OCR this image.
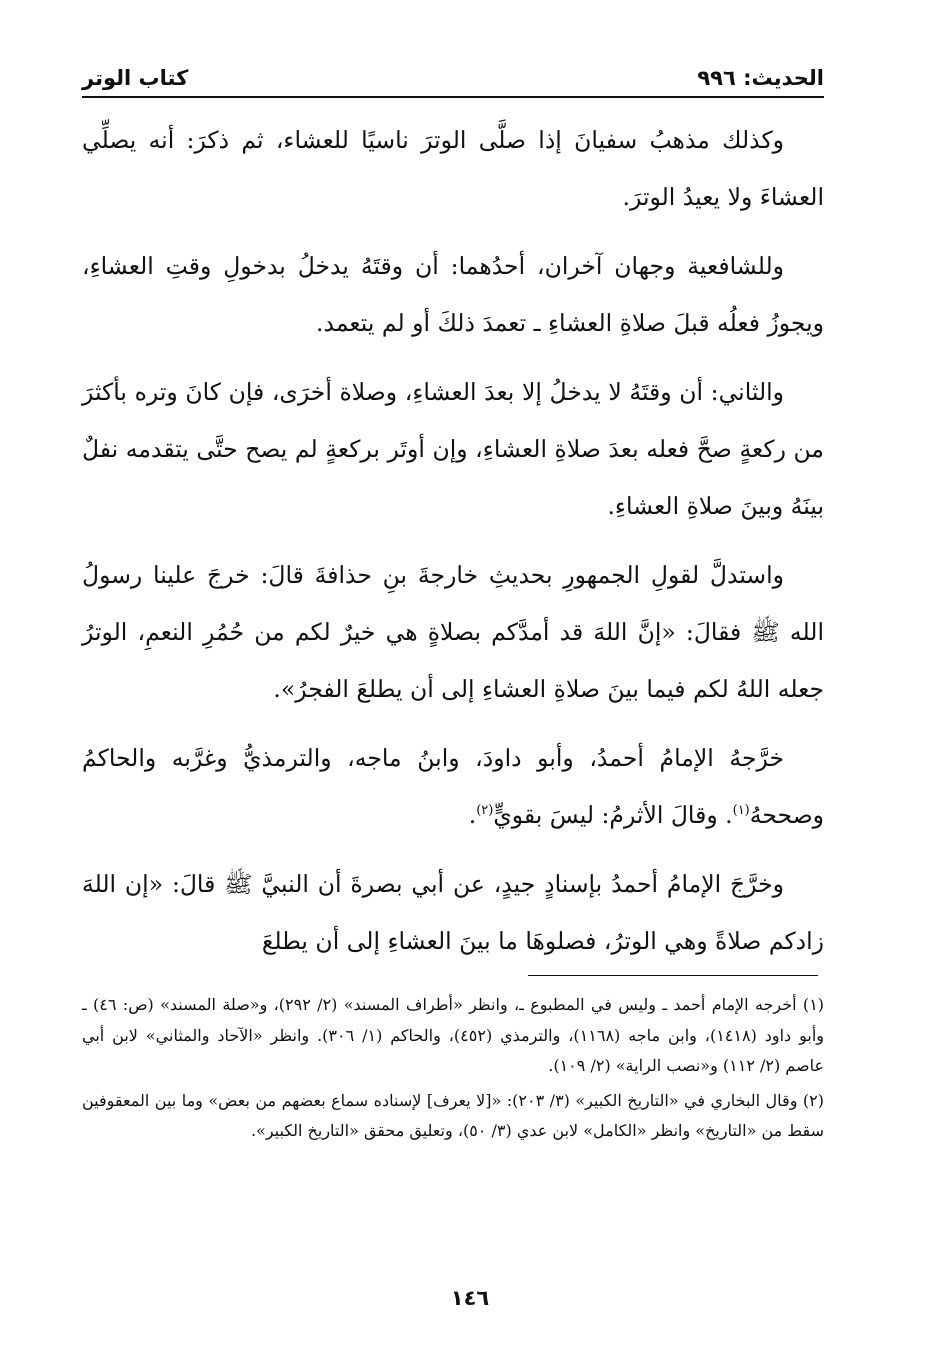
الحديث: ٩٩٦
كتاب الوتر

وكذلك مذهبُ سفيانَ إذا صلَّى الوترَ ناسيًا للعشاء، ثم ذكرَ: أنه يصلِّي العشاءَ ولا يعيدُ الوترَ.

وللشافعية وجهان آخران، أحدُهما: أن وقتَهُ يدخلُ بدخولِ وقتِ العشاءِ، ويجوزُ فعلُه قبلَ صلاةِ العشاءِ ـ تعمدَ ذلكَ أو لم يتعمد.

والثاني: أن وقتَهُ لا يدخلُ إلا بعدَ العشاءِ، وصلاة أخرَى، فإن كانَ وتره بأكثرَ من ركعةٍ صحَّ فعله بعدَ صلاةِ العشاءِ، وإن أوتَر بركعةٍ لم يصح حتَّى يتقدمه نفلٌ بينَهُ وبينَ صلاةِ العشاءِ.

واستدلَّ لقولِ الجمهورِ بحديثِ خارجةَ بنِ حذافةَ قالَ: خرجَ علينا رسولُ الله ﷺ فقالَ: «إنَّ اللهَ قد أمدَّكم بصلاةٍ هي خيرٌ لكم من حُمُرِ النعمِ، الوترُ جعله اللهُ لكم فيما بينَ صلاةِ العشاءِ إلى أن يطلعَ الفجرُ».

خرَّجهُ الإمامُ أحمدُ، وأبو داودَ، وابنُ ماجه، والترمذيُّ وغرَّبه والحاكمُ وصححهُ$^{(١)}$. وقالَ الأثرمُ: ليسَ بقويٍّ$^{(٢)}$.

وخرَّجَ الإمامُ أحمدُ بإسنادٍ جيدٍ، عن أبي بصرةَ أن النبيَّ ﷺ قالَ: «إن اللهَ زادكم صلاةً وهي الوترُ، فصلوهَا ما بينَ العشاءِ إلى أن يطلعَ

(١) أخرجه الإمام أحمد ـ وليس في المطبوع ـ، وانظر «أطراف المسند» (٢/ ٢٩٢)، و«صلة المسند» (ص: ٤٦) ـ وأبو داود (١٤١٨)، وابن ماجه (١١٦٨)، والترمذي (٤٥٢)، والحاكم (١/ ٣٠٦). وانظر «الآحاد والمثاني» لابن أبي عاصم (٢/ ١١٢) و«نصب الراية» (٢/ ١٠٩).

(٢) وقال البخاري في «التاريخ الكبير» (٣/ ٢٠٣): «[لا يعرف] لإسناده سماع بعضهم من بعض» وما بين المعقوفين سقط من «التاريخ» وانظر «الكامل» لابن عدي (٣/ ٥٠)، وتعليق محقق «التاريخ الكبير».

١٤٦
